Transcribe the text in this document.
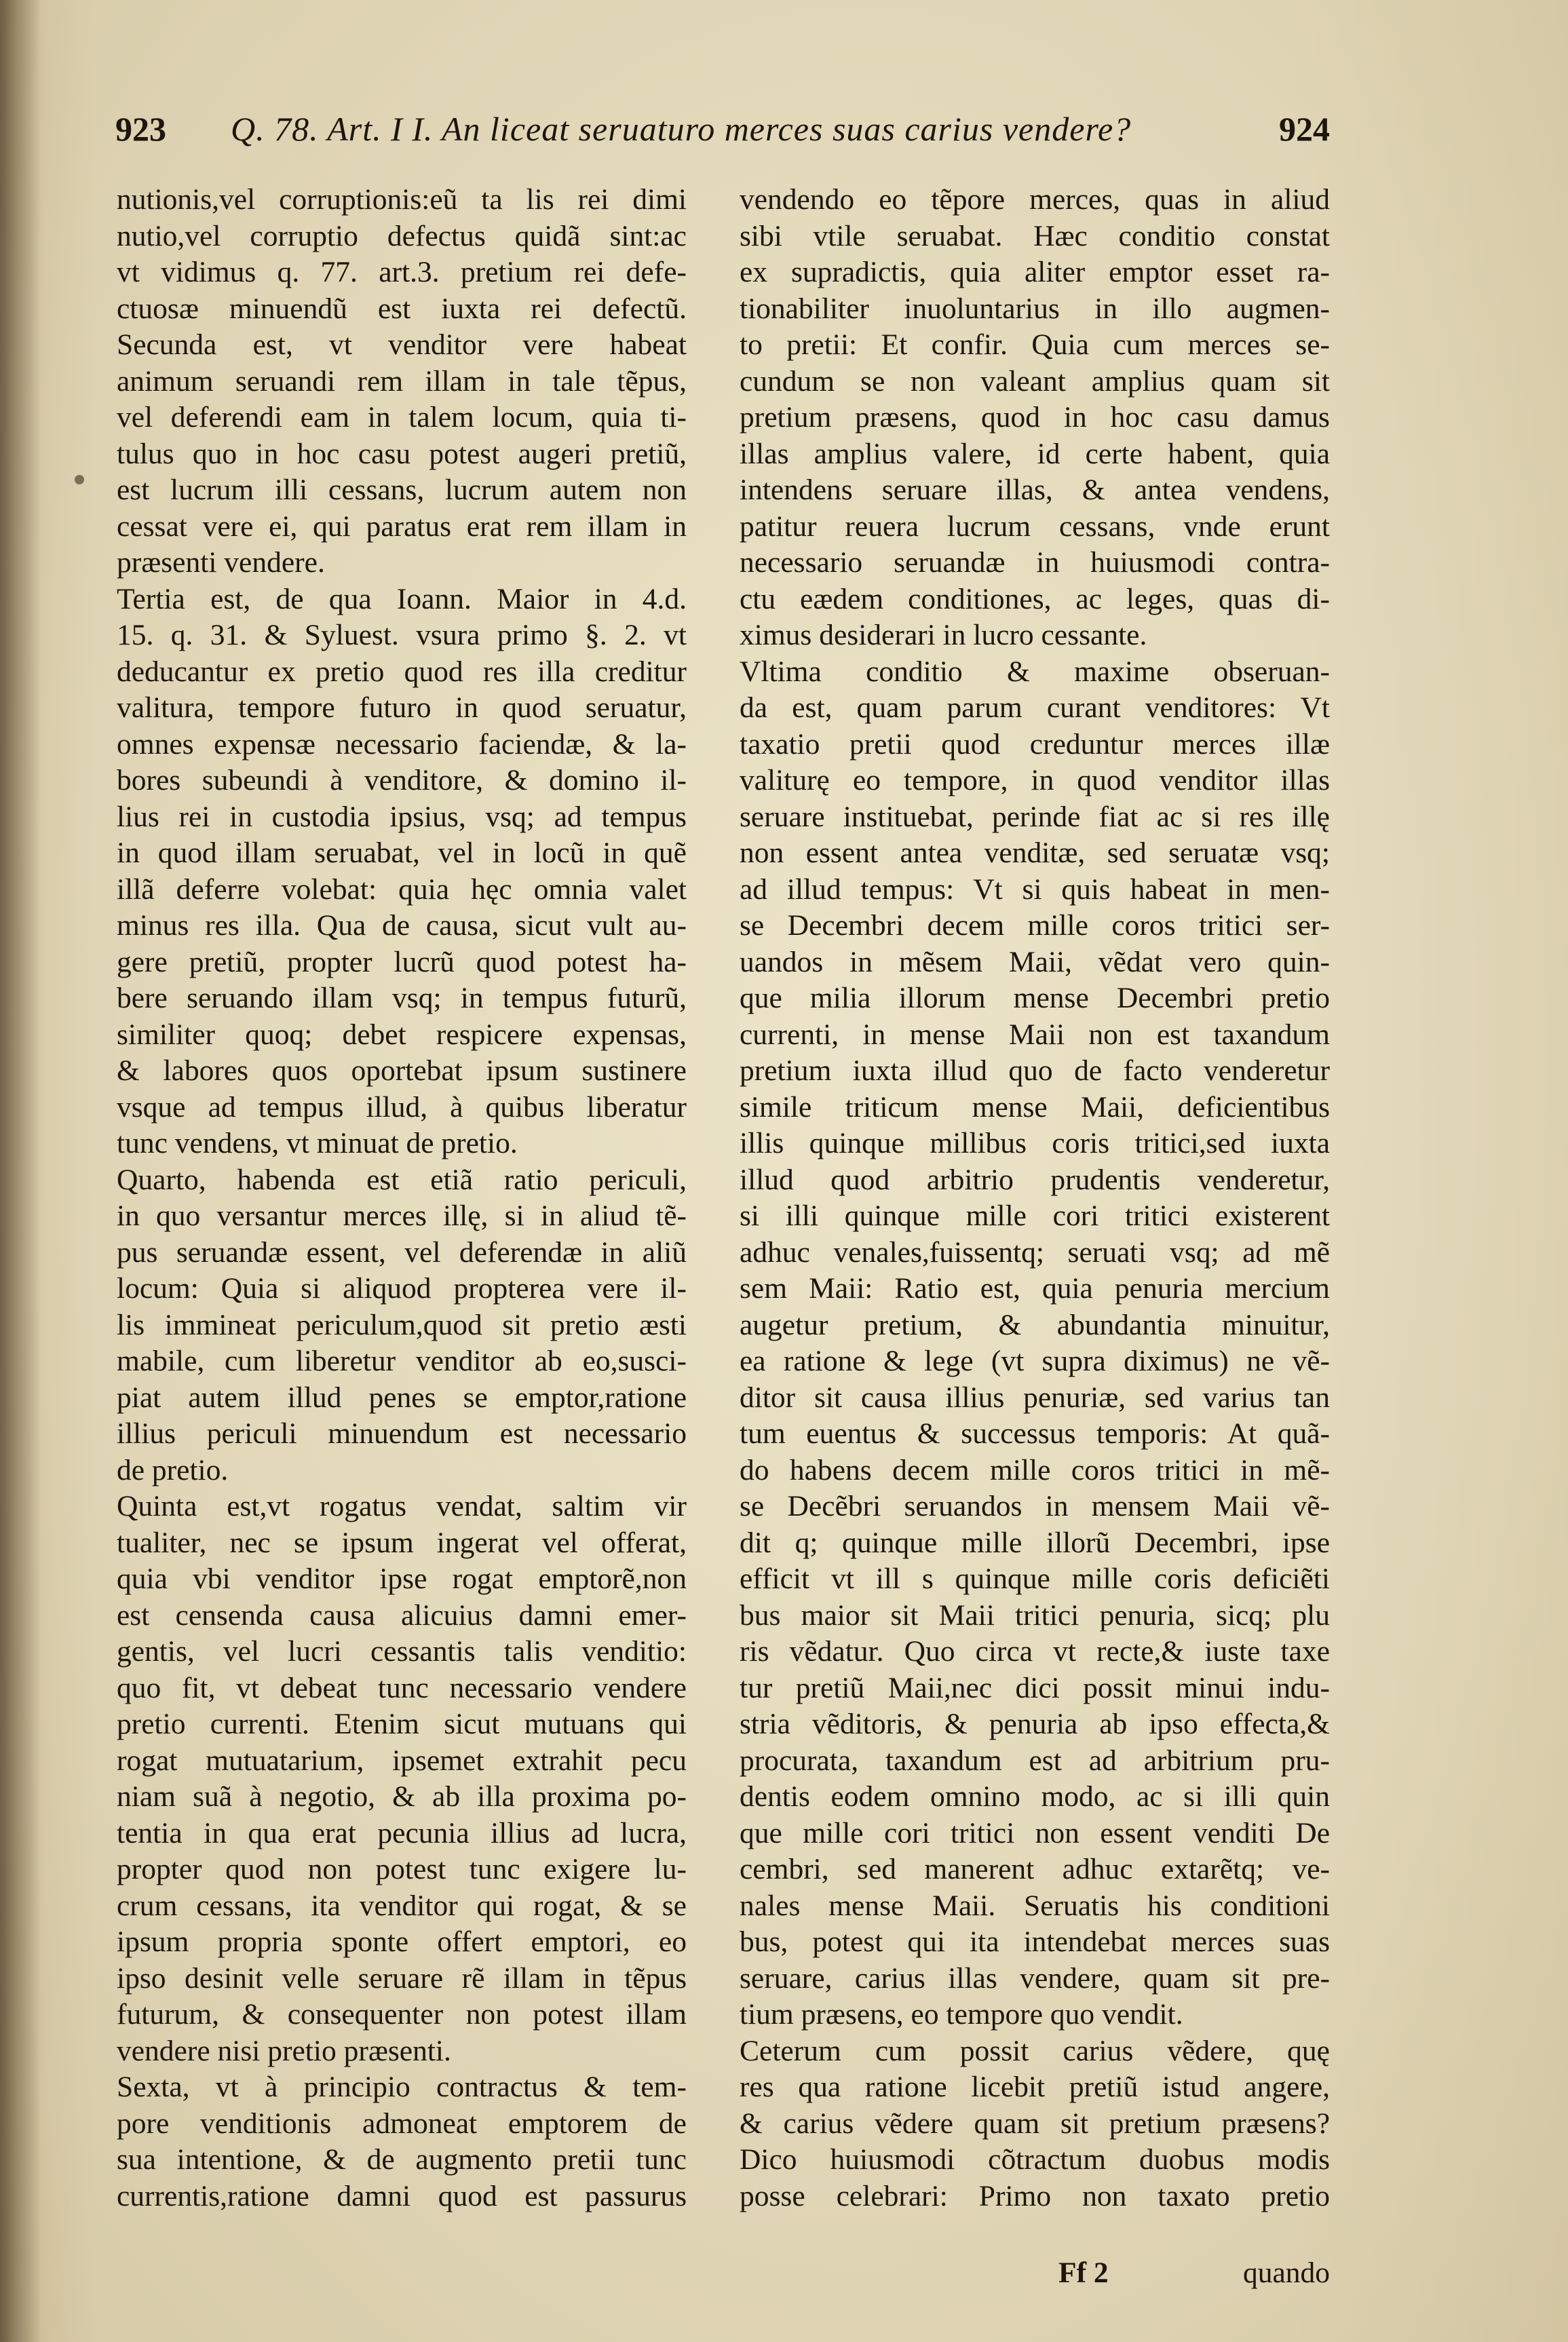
923 Q. 78. Art. I I. An liceat seruaturo merces suas carius vendere?	924
nutionis,vel corruptionis:eũ ta lis rei dimi
nutio,vel corruptio defectus quidã sint:ac
vt vidimus q. 77. art.3. pretium rei defe-
ctuosæ minuendũ est iuxta rei defectũ.
Secunda est, vt venditor vere habeat
animum seruandi rem illam in tale tẽpus,
vel deferendi eam in talem locum, quia ti-
tulus quo in hoc casu potest augeri pretiũ,
est lucrum illi cessans, lucrum autem non
cessat vere ei, qui paratus erat rem illam in
præsenti vendere.
Tertia est, de qua Ioann. Maior in 4.d.
15. q. 31. & Syluest. vsura primo §. 2. vt
deducantur ex pretio quod res illa creditur
valitura, tempore futuro in quod seruatur,
omnes expensæ necessario faciendæ, & la-
bores subeundi à venditore, & domino il-
lius rei in custodia ipsius, vsq; ad tempus
in quod illam seruabat, vel in locũ in quẽ
illã deferre volebat: quia hęc omnia valet
minus res illa. Qua de causa, sicut vult au-
gere pretiũ, propter lucrũ quod potest ha-
bere seruando illam vsq; in tempus futurũ,
similiter quoq; debet respicere expensas,
& labores quos oportebat ipsum sustinere
vsque ad tempus illud, à quibus liberatur
tunc vendens, vt minuat de pretio.
Quarto, habenda est etiã ratio periculi,
in quo versantur merces illę, si in aliud tẽ-
pus seruandæ essent, vel deferendæ in aliũ
locum: Quia si aliquod propterea vere il-
lis immineat periculum,quod sit pretio æsti
mabile, cum liberetur venditor ab eo,susci-
piat autem illud penes se emptor,ratione
illius periculi minuendum est necessario
de pretio.
Quinta est,vt rogatus vendat, saltim vir
tualiter, nec se ipsum ingerat vel offerat,
quia vbi venditor ipse rogat emptorẽ,non
est censenda causa alicuius damni emer-
gentis, vel lucri cessantis talis venditio:
quo fit, vt debeat tunc necessario vendere
pretio currenti. Etenim sicut mutuans qui
rogat mutuatarium, ipsemet extrahit pecu
niam suã à negotio, & ab illa proxima po-
tentia in qua erat pecunia illius ad lucra,
propter quod non potest tunc exigere lu-
crum cessans, ita venditor qui rogat, & se
ipsum propria sponte offert emptori, eo
ipso desinit velle seruare rẽ illam in tẽpus
futurum, & consequenter non potest illam
vendere nisi pretio præsenti.
Sexta, vt à principio contractus & tem-
pore venditionis admoneat emptorem de
sua intentione, & de augmento pretii tunc
currentis,ratione damni quod est passurus
vendendo eo tẽpore merces, quas in aliud
sibi vtile seruabat. Hæc conditio constat
ex supradictis, quia aliter emptor esset ra-
tionabiliter inuoluntarius in illo augmen-
to pretii: Et confir. Quia cum merces se-
cundum se non valeant amplius quam sit
pretium præsens, quod in hoc casu damus
illas amplius valere, id certe habent, quia
intendens seruare illas, & antea vendens,
patitur reuera lucrum cessans, vnde erunt
necessario seruandæ in huiusmodi contra-
ctu eædem conditiones, ac leges, quas di-
ximus desiderari in lucro cessante.
Vltima conditio & maxime obseruan-
da est, quam parum curant venditores: Vt
taxatio pretii quod creduntur merces illæ
valiturę eo tempore, in quod venditor illas
seruare instituebat, perinde fiat ac si res illę
non essent antea venditæ, sed seruatæ vsq;
ad illud tempus: Vt si quis habeat in men-
se Decembri decem mille coros tritici ser-
uandos in mẽsem Maii, vẽdat vero quin-
que milia illorum mense Decembri pretio
currenti, in mense Maii non est taxandum
pretium iuxta illud quo de facto venderetur
simile triticum mense Maii, deficientibus
illis quinque millibus coris tritici,sed iuxta
illud quod arbitrio prudentis venderetur,
si illi quinque mille cori tritici existerent
adhuc venales,fuissentq; seruati vsq; ad mẽ
sem Maii: Ratio est, quia penuria mercium
augetur pretium, & abundantia minuitur,
ea ratione & lege (vt supra diximus) ne vẽ-
ditor sit causa illius penuriæ, sed varius tan
tum euentus & successus temporis: At quã-
do habens decem mille coros tritici in mẽ-
se Decẽbri seruandos in mensem Maii vẽ-
dit q; quinque mille illorũ Decembri, ipse
efficit vt ill s quinque mille coris deficiẽti
bus maior sit Maii tritici penuria, sicq; plu
ris vẽdatur. Quo circa vt recte,& iuste taxe
tur pretiũ Maii,nec dici possit minui indu-
stria vẽditoris, & penuria ab ipso effecta,&
procurata, taxandum est ad arbitrium pru-
dentis eodem omnino modo, ac si illi quin
que mille cori tritici non essent venditi De
cembri, sed manerent adhuc extarẽtq; ve-
nales mense Maii. Seruatis his conditioni
bus, potest qui ita intendebat merces suas
seruare, carius illas vendere, quam sit pre-
tium præsens, eo tempore quo vendit.
Ceterum cum possit carius vẽdere, quę
res qua ratione licebit pretiũ istud angere,
& carius vẽdere quam sit pretium præsens?
Dico huiusmodi cõtractum duobus modis
posse celebrari: Primo non taxato pretio
Ff 2	quando
